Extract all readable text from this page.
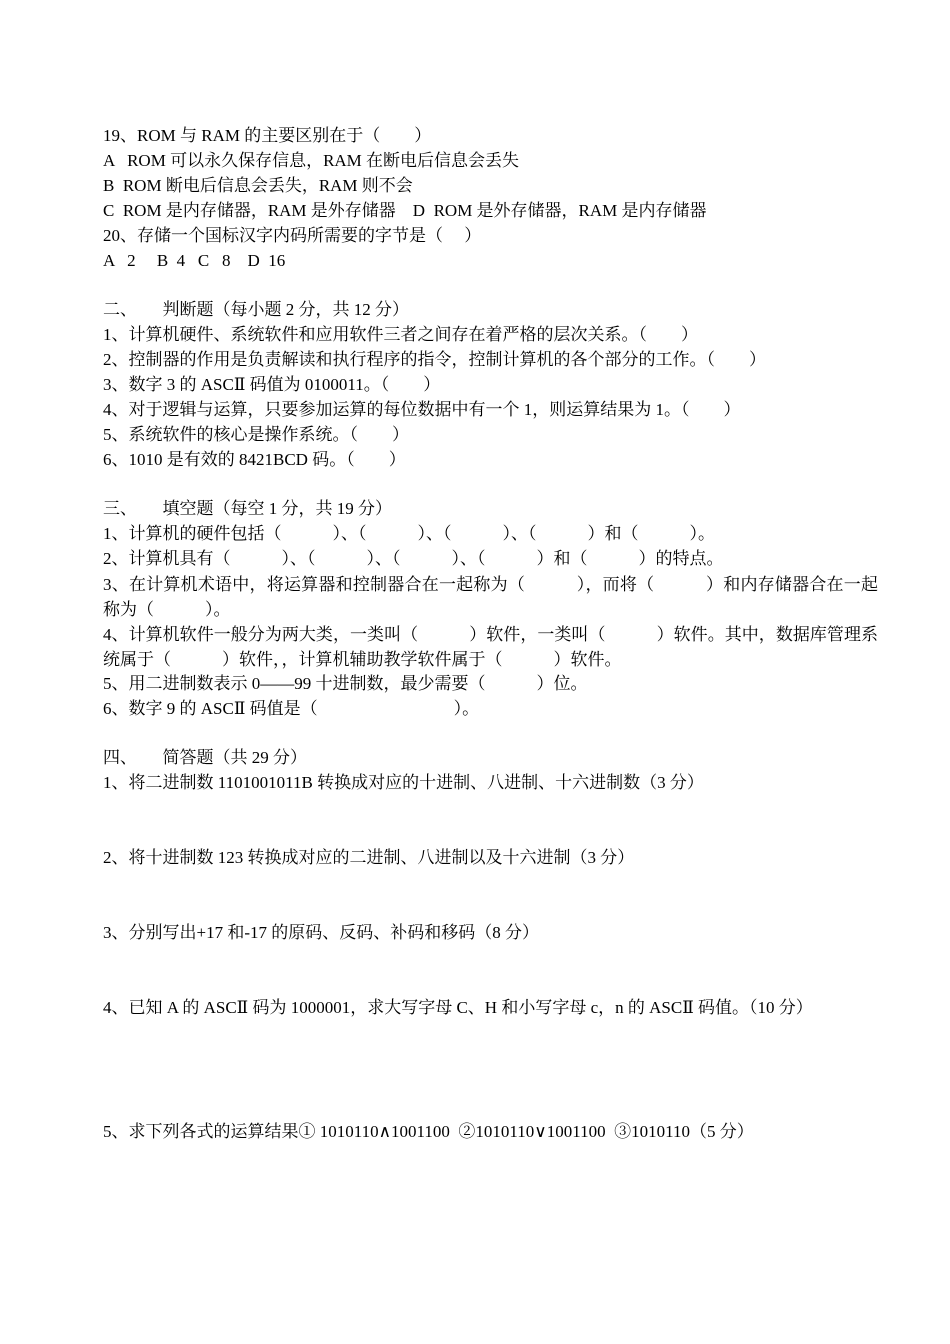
19、ROM 与 RAM 的主要区别在于（　　）

A   ROM 可以永久保存信息，RAM 在断电后信息会丢失

B  ROM 断电后信息会丢失，RAM 则不会

C  ROM 是内存储器，RAM 是外存储器    D  ROM 是外存储器，RAM 是内存储器

20、存储一个国标汉字内码所需要的字节是（　 ）

A   2     B  4   C   8    D  16

二、      判断题（每小题 2 分，共 12 分）

1、计算机硬件、系统软件和应用软件三者之间存在着严格的层次关系。（　　）

2、控制器的作用是负责解读和执行程序的指令，控制计算机的各个部分的工作。（　　）

3、数字 3 的 ASCⅡ 码值为 0100011。（　　）

4、对于逻辑与运算，只要参加运算的每位数据中有一个 1，则运算结果为 1。（　　）

5、系统软件的核心是操作系统。（　　）

6、1010 是有效的 8421BCD 码。（　　）

三、      填空题（每空 1 分，共 19 分）

1、计算机的硬件包括（　　　）、（　　　）、（　　　）、（　　　）和（　　　）。

2、计算机具有（　　　）、（　　　）、（　　　）、（　　　）和（　　　）的特点。

3、在计算机术语中，将运算器和控制器合在一起称为（　　　），而将（　　　）和内存储器合在一起称为（　　　）。

4、计算机软件一般分为两大类，一类叫（　　　）软件，一类叫（　　　）软件。其中，数据库管理系统属于（　　　）软件，，计算机辅助教学软件属于（　　　）软件。

5、用二进制数表示 0——99 十进制数，最少需要（　　　）位。

6、数字 9 的 ASCⅡ 码值是（　　　　　　　　）。

四、      简答题（共 29 分）

1、将二进制数 1101001011B 转换成对应的十进制、八进制、十六进制数（3 分）

2、将十进制数 123 转换成对应的二进制、八进制以及十六进制（3 分）

3、分别写出+17 和-17 的原码、反码、补码和移码（8 分）

4、已知 A 的 ASCⅡ 码为 1000001，求大写字母 C、H 和小写字母 c，n 的 ASCⅡ 码值。（10 分）

5、求下列各式的运算结果① 1010110∧1001100  ②1010110∨1001100  ③1010110（5 分）
